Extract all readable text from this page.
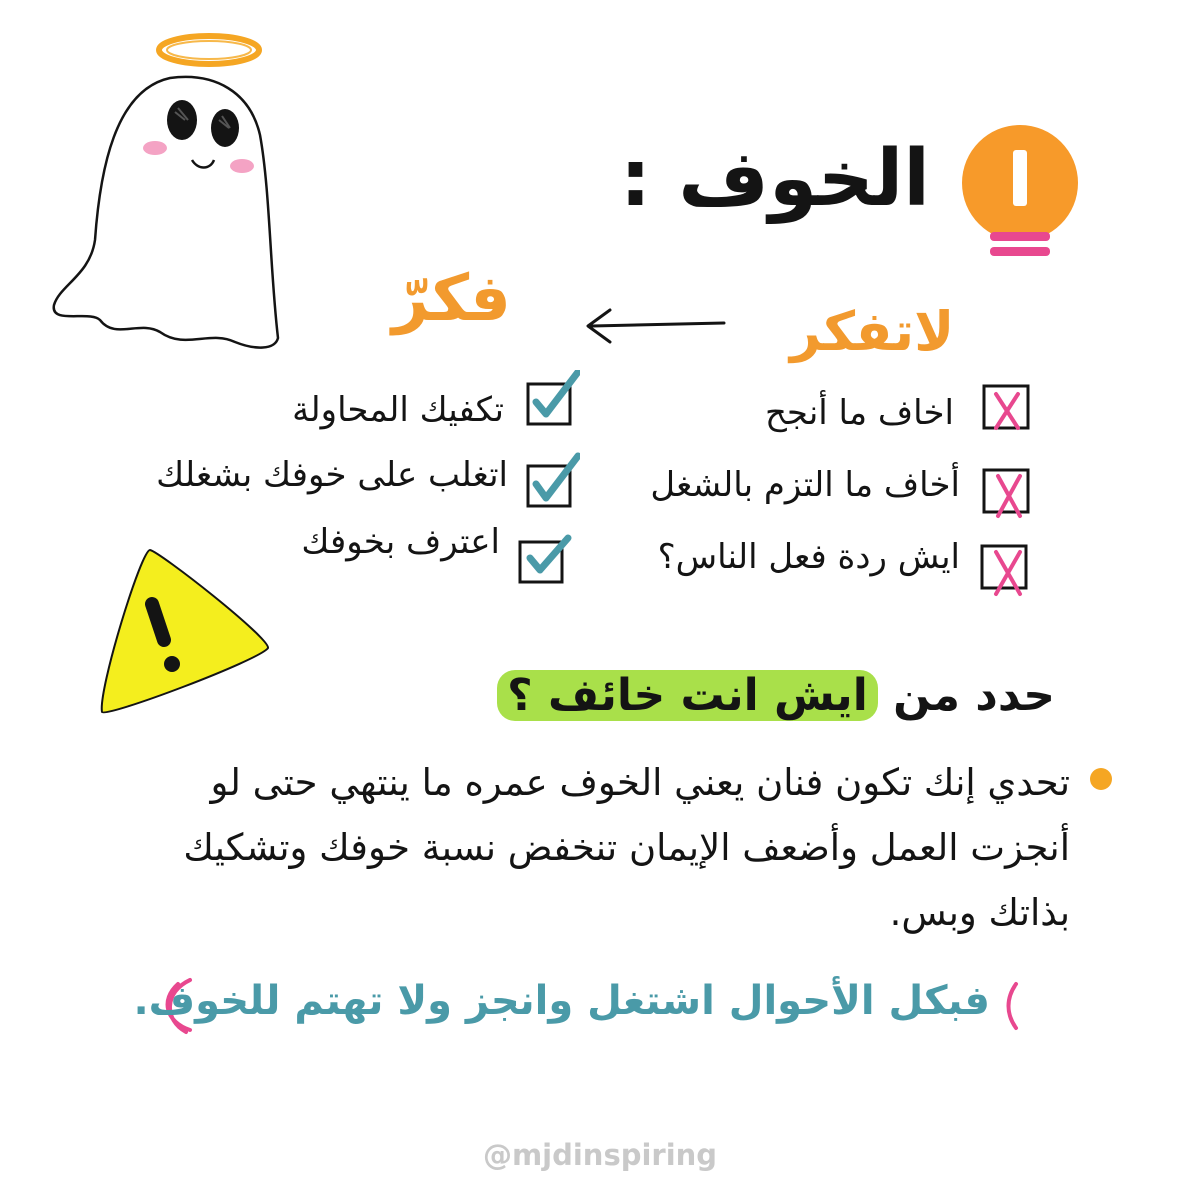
الخوف :
فكرّ	لاتفكر
تكفيك المحاولة
اتغلب على خوفك بشغلك
اعترف بخوفك
اخاف ما أنجح
أخاف ما التزم بالشغل
ايش ردة فعل الناس؟
حدد من ايش انت خائف ؟
تحدي إنك تكون فنان يعني الخوف عمره ما ينتهي حتى لو أنجزت العمل وأضعف الإيمان تنخفض نسبة خوفك وتشكيك بذاتك وبس.
فبكل الأحوال اشتغل وانجز ولا تهتم للخوف.
@mjdinspiring
